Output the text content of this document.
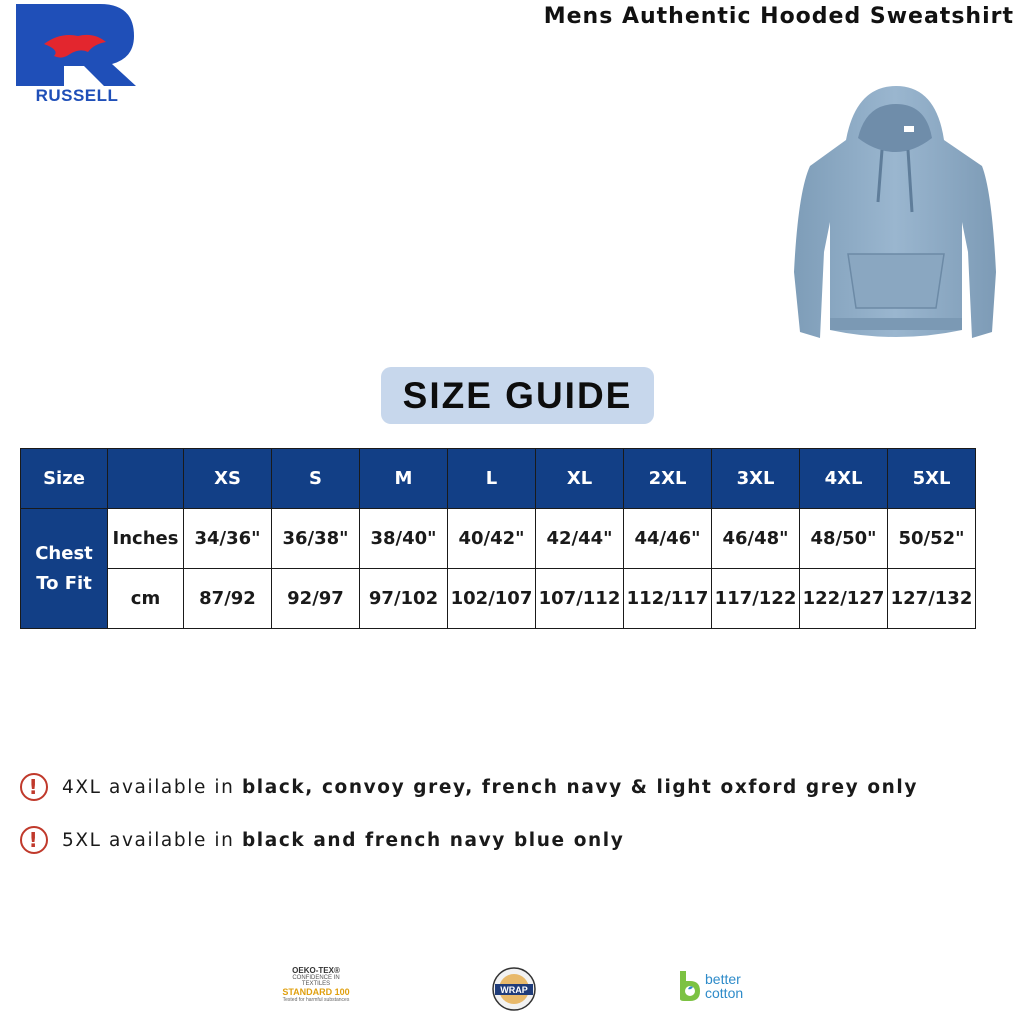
RUSSELL
Mens Authentic Hooded Sweatshirt
SIZE GUIDE
Size		XS	S	M	L	XL	2XL	3XL	4XL	5XL
Chest
To Fit	Inches	34/36"	36/38"	38/40"	40/42"	42/44"	44/46"	46/48"	48/50"	50/52"
	cm	87/92	92/97	97/102	102/107	107/112	112/117	117/122	122/127	127/132
!	4XL available in black, convoy grey, french navy & light oxford grey only
!	5XL available in black and french navy blue only
OEKO-TEX®
CONFIDENCE IN TEXTILES
STANDARD 100
Tested for harmful substances
WRAP
better
cotton
